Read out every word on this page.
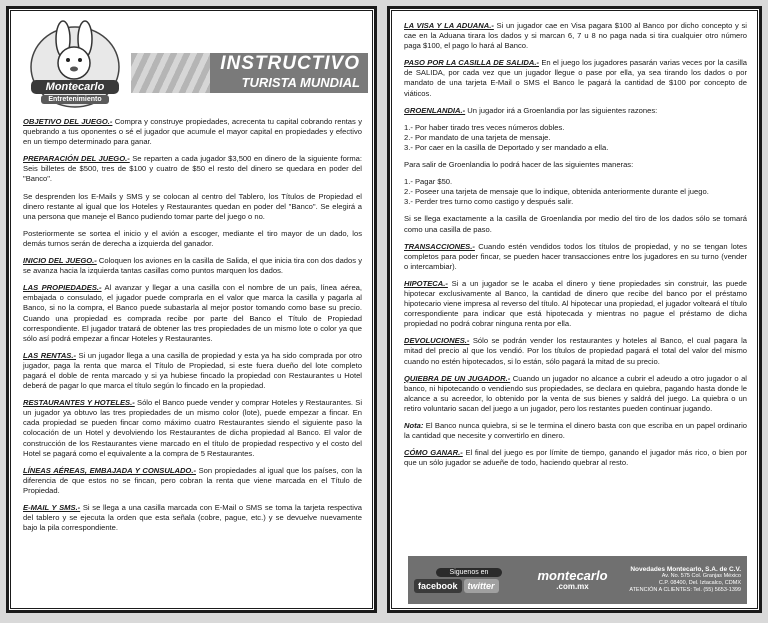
Montecarlo
Entretenimiento
INSTRUCTIVO
TURISTA MUNDIAL

OBJETIVO DEL JUEGO.- Compra y construye propiedades, acrecenta tu capital cobrando rentas y quebrando a tus oponentes o sé el jugador que acumule el mayor capital en propiedades y efectivo en un tiempo determinado para ganar.

PREPARACIÓN DEL JUEGO.- Se reparten a cada jugador $3,500 en dinero de la siguiente forma: Seis billetes de $500, tres de $100 y cuatro de $50 el resto del dinero se quedara en poder del "Banco".

Se desprenden los E-Mails y SMS y se colocan al centro del Tablero, los Títulos de Propiedad el dinero restante al igual que los Hoteles y Restaurantes quedan en poder del "Banco". Se elegirá a una persona que maneje el Banco pudiendo tomar parte del juego o no.

Posteriormente se sortea el inicio y el avión a escoger, mediante el tiro mayor de un dado, los demás turnos serán de derecha a izquierda del ganador.

INICIO DEL JUEGO.- Coloquen los aviones en la casilla de Salida, el que inicia tira con dos dados y se avanza hacia la izquierda tantas casillas como puntos marquen los dados.

LAS PROPIEDADES.- Al avanzar y llegar a una casilla con el nombre de un país, línea aérea, embajada o consulado, el jugador puede comprarla en el valor que marca la casilla y pagarla al Banco, si no la compra, el Banco puede subastarla al mejor postor tomando como base su precio. Cuando una propiedad es comprada recibe por parte del Banco el Título de Propiedad correspondiente. El jugador tratará de obtener las tres propiedades de un mismo lote o color ya que sólo así podrá empezar a fincar Hoteles y Restaurantes.

LAS RENTAS.- Si un jugador llega a una casilla de propiedad y esta ya ha sido comprada por otro jugador, paga la renta que marca el Título de Propiedad, si este fuera dueño del lote completo pagará el doble de renta marcado y si ya hubiese fincado la propiedad con Restaurantes u Hotel deberá de pagar lo que marca el título según lo fincado en la propiedad.

RESTAURANTES Y HOTELES.- Sólo el Banco puede vender y comprar Hoteles y Restaurantes. Si un jugador ya obtuvo las tres propiedades de un mismo color (lote), puede empezar a fincar. En cada propiedad se pueden fincar como máximo cuatro Restaurantes siendo el siguiente paso la colocación de un Hotel y devolviendo los Restaurantes de dicha propiedad al Banco. El valor de construcción de los Restaurantes viene marcado en el título de propiedad respectivo y el costo del Hotel se pagará como el equivalente a la compra de 5 Restaurantes.

LÍNEAS AÉREAS, EMBAJADA Y CONSULADO.- Son propiedades al igual que los países, con la diferencia de que estos no se fincan, pero cobran la renta que viene marcada en el Título de Propiedad.

E-MAIL Y SMS.- Si se llega a una casilla marcada con E-Mail o SMS se toma la tarjeta respectiva del tablero y se ejecuta la orden que esta señala (cobre, pague, etc.) y se devuelve nuevamente bajo la pila correspondiente.

LA VISA Y LA ADUANA.- Si un jugador cae en Visa pagara $100 al Banco por dicho concepto y si cae en la Aduana tirara los dados y si marcan 6, 7 u 8 no paga nada si tira cualquier otro número paga $100, el pago lo hará al Banco.

PASO POR LA CASILLA DE SALIDA.- En el juego los jugadores pasarán varias veces por la casilla de SALIDA, por cada vez que un jugador llegue o pase por ella, ya sea tirando los dados o por mandato de una tarjeta E-Mail o SMS el Banco le pagará la cantidad de $100 por concepto de viáticos.

GROENLANDIA.- Un jugador irá a Groenlandia por las siguientes razones:

1.- Por haber tirado tres veces números dobles.
2.- Por mandato de una tarjeta de mensaje.
3.- Por caer en la casilla de Deportado y ser mandado a ella.

Para salir de Groenlandia lo podrá hacer de las siguientes maneras:

1.- Pagar $50.
2.- Poseer una tarjeta de mensaje que lo indique, obtenida anteriormente durante el juego.
3.- Perder tres turno como castigo y después salir.

Si se llega exactamente a la casilla de Groenlandia por medio del tiro de los dados sólo se tomará como una casilla de paso.

TRANSACCIONES.- Cuando estén vendidos todos los títulos de propiedad, y no se tengan lotes completos para poder fincar, se pueden hacer transacciones entre los jugadores en su turno (vender o intercambiar).

HIPOTECA.- Si a un jugador se le acaba el dinero y tiene propiedades sin construir, las puede hipotecar exclusivamente al Banco, la cantidad de dinero que recibe del banco por el préstamo hipotecario viene impresa al reverso del título. Al hipotecar una propiedad, el jugador volteará el título correspondiente para indicar que está hipotecada y mientras no pague el préstamo de dicha propiedad no podrá cobrar ninguna renta por ella.

DEVOLUCIONES.- Sólo se podrán vender los restaurantes y hoteles al Banco, el cual pagara la mitad del precio al que los vendió. Por los títulos de propiedad pagará el total del valor del mismo cuando no estén hipotecados, si lo están, sólo pagará la mitad de su precio.

QUIEBRA DE UN JUGADOR.- Cuando un jugador no alcance a cubrir el adeudo a otro jugador o al banco, ni hipotecando o vendiendo sus propiedades, se declara en quiebra, pagando hasta donde le alcance a su acreedor, lo obtenido por la venta de sus bienes y saldrá del juego. La quiebra o un retiro voluntario sacan del juego a un jugador, pero los restantes pueden continuar jugando.

Nota: El Banco nunca quiebra, si se le termina el dinero basta con que escriba en un papel ordinario la cantidad que necesite y convertirlo en dinero.

CÓMO GANAR.- El final del juego es por límite de tiempo, ganando el jugador más rico, o bien por que un sólo jugador se adueñe de todo, haciendo quebrar al resto.

Siguenos en
facebook	twitter
montecarlo
.com.mx
Novedades Montecarlo, S.A. de C.V.
Av. No. 575 Col. Granjas México
C.P. 08400, Del. Iztacalco, CDMX
ATENCIÓN A CLIENTES: Tel. (55) 5653-1399
